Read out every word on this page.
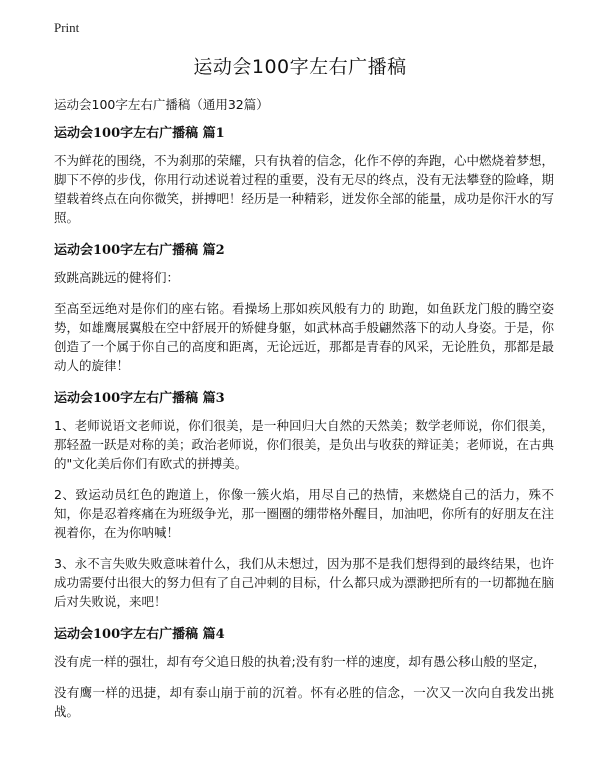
Print
运动会100字左右广播稿

运动会100字左右广播稿（通用32篇）

运动会100字左右广播稿 篇1

不为鲜花的围绕，不为刹那的荣耀，只有执着的信念，化作不停的奔跑，心中燃烧着梦想，脚下不停的步伐，你用行动述说着过程的重要，没有无尽的终点，没有无法攀登的险峰，期望载着终点在向你微笑，拼搏吧！经历是一种精彩，迸发你全部的能量，成功是你汗水的写照。

运动会100字左右广播稿 篇2

致跳高跳远的健将们：

至高至远绝对是你们的座右铭。看操场上那如疾风般有力的 助跑，如鱼跃龙门般的腾空姿势，如雄鹰展翼般在空中舒展开的矫健身躯，如武林高手般翩然落下的动人身姿。于是，你创造了一个属于你自己的高度和距离，无论远近，那都是青春的风采，无论胜负，那都是最动人的旋律！

运动会100字左右广播稿 篇3

1、老师说语文老师说，你们很美，是一种回归大自然的天然美；数学老师说，你们很美，那轻盈一跃是对称的美；政治老师说，你们很美，是负出与收获的辩证美；老师说，在古典的"文化美后你们有欧式的拼搏美。

2、致运动员红色的跑道上，你像一簇火焰，用尽自己的热情，来燃烧自己的活力，殊不知，你是忍着疼痛在为班级争光，那一圈圈的绷带格外醒目，加油吧，你所有的好朋友在注视着你，在为你呐喊！

3、永不言失败失败意味着什么，我们从未想过，因为那不是我们想得到的最终结果，也许成功需要付出很大的努力但有了自己冲刺的目标，什么都只成为漂渺把所有的一切都抛在脑后对失败说，来吧！

运动会100字左右广播稿 篇4

没有虎一样的强壮，却有夸父追日般的执着;没有豹一样的速度，却有愚公移山般的坚定，

没有鹰一样的迅捷，却有泰山崩于前的沉着。怀有必胜的信念，一次又一次向自我发出挑战。
